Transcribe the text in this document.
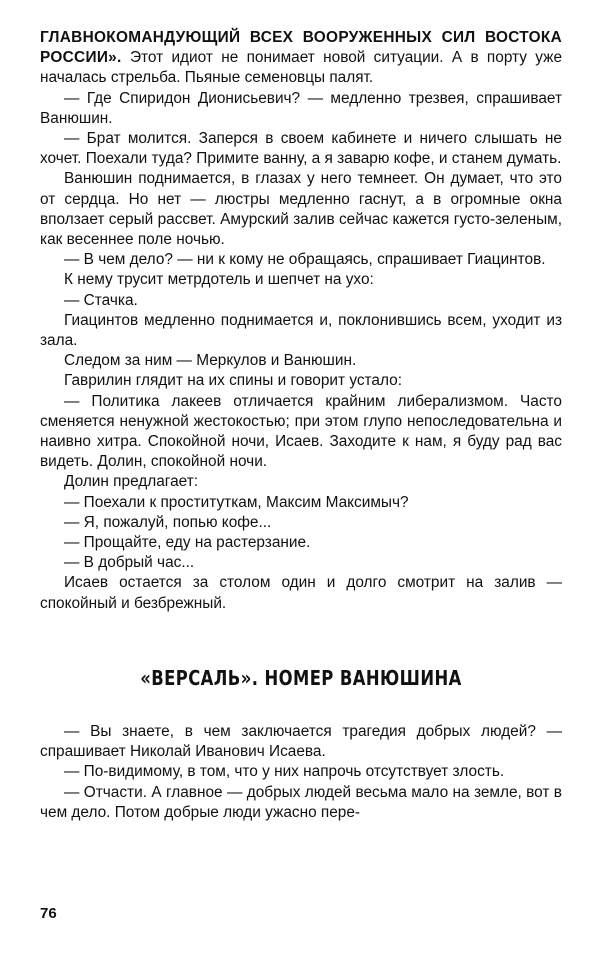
ГЛАВНОКОМАНДУЮЩИЙ ВСЕХ ВООРУЖЕННЫХ СИЛ ВОСТОКА РОССИИ». Этот идиот не понимает новой ситуации. А в порту уже началась стрельба. Пьяные семеновцы палят.

— Где Спиридон Дионисьевич? — медленно трезвея, спрашивает Ванюшин.

— Брат молится. Заперся в своем кабинете и ничего слышать не хочет. Поехали туда? Примите ванну, а я заварю кофе, и станем думать.

Ванюшин поднимается, в глазах у него темнеет. Он думает, что это от сердца. Но нет — люстры медленно гаснут, а в огромные окна вползает серый рассвет. Амурский залив сейчас кажется густо-зеленым, как весеннее поле ночью.

— В чем дело? — ни к кому не обращаясь, спрашивает Гиацинтов.

К нему трусит метрдотель и шепчет на ухо:

— Стачка.

Гиацинтов медленно поднимается и, поклонившись всем, уходит из зала.

Следом за ним — Меркулов и Ванюшин.

Гаврилин глядит на их спины и говорит устало:

— Политика лакеев отличается крайним либерализмом. Часто сменяется ненужной жестокостью; при этом глупо непоследовательна и наивно хитра. Спокойной ночи, Исаев. Заходите к нам, я буду рад вас видеть. Долин, спокойной ночи.

Долин предлагает:

— Поехали к проституткам, Максим Максимыч?

— Я, пожалуй, попью кофе...

— Прощайте, еду на растерзание.

— В добрый час...

Исаев остается за столом один и долго смотрит на залив — спокойный и безбрежный.

«ВЕРСАЛЬ». НОМЕР ВАНЮШИНА

— Вы знаете, в чем заключается трагедия добрых людей? — спрашивает Николай Иванович Исаева.

— По-видимому, в том, что у них напрочь отсутствует злость.

— Отчасти. А главное — добрых людей весьма мало на земле, вот в чем дело. Потом добрые люди ужасно пере-

76
